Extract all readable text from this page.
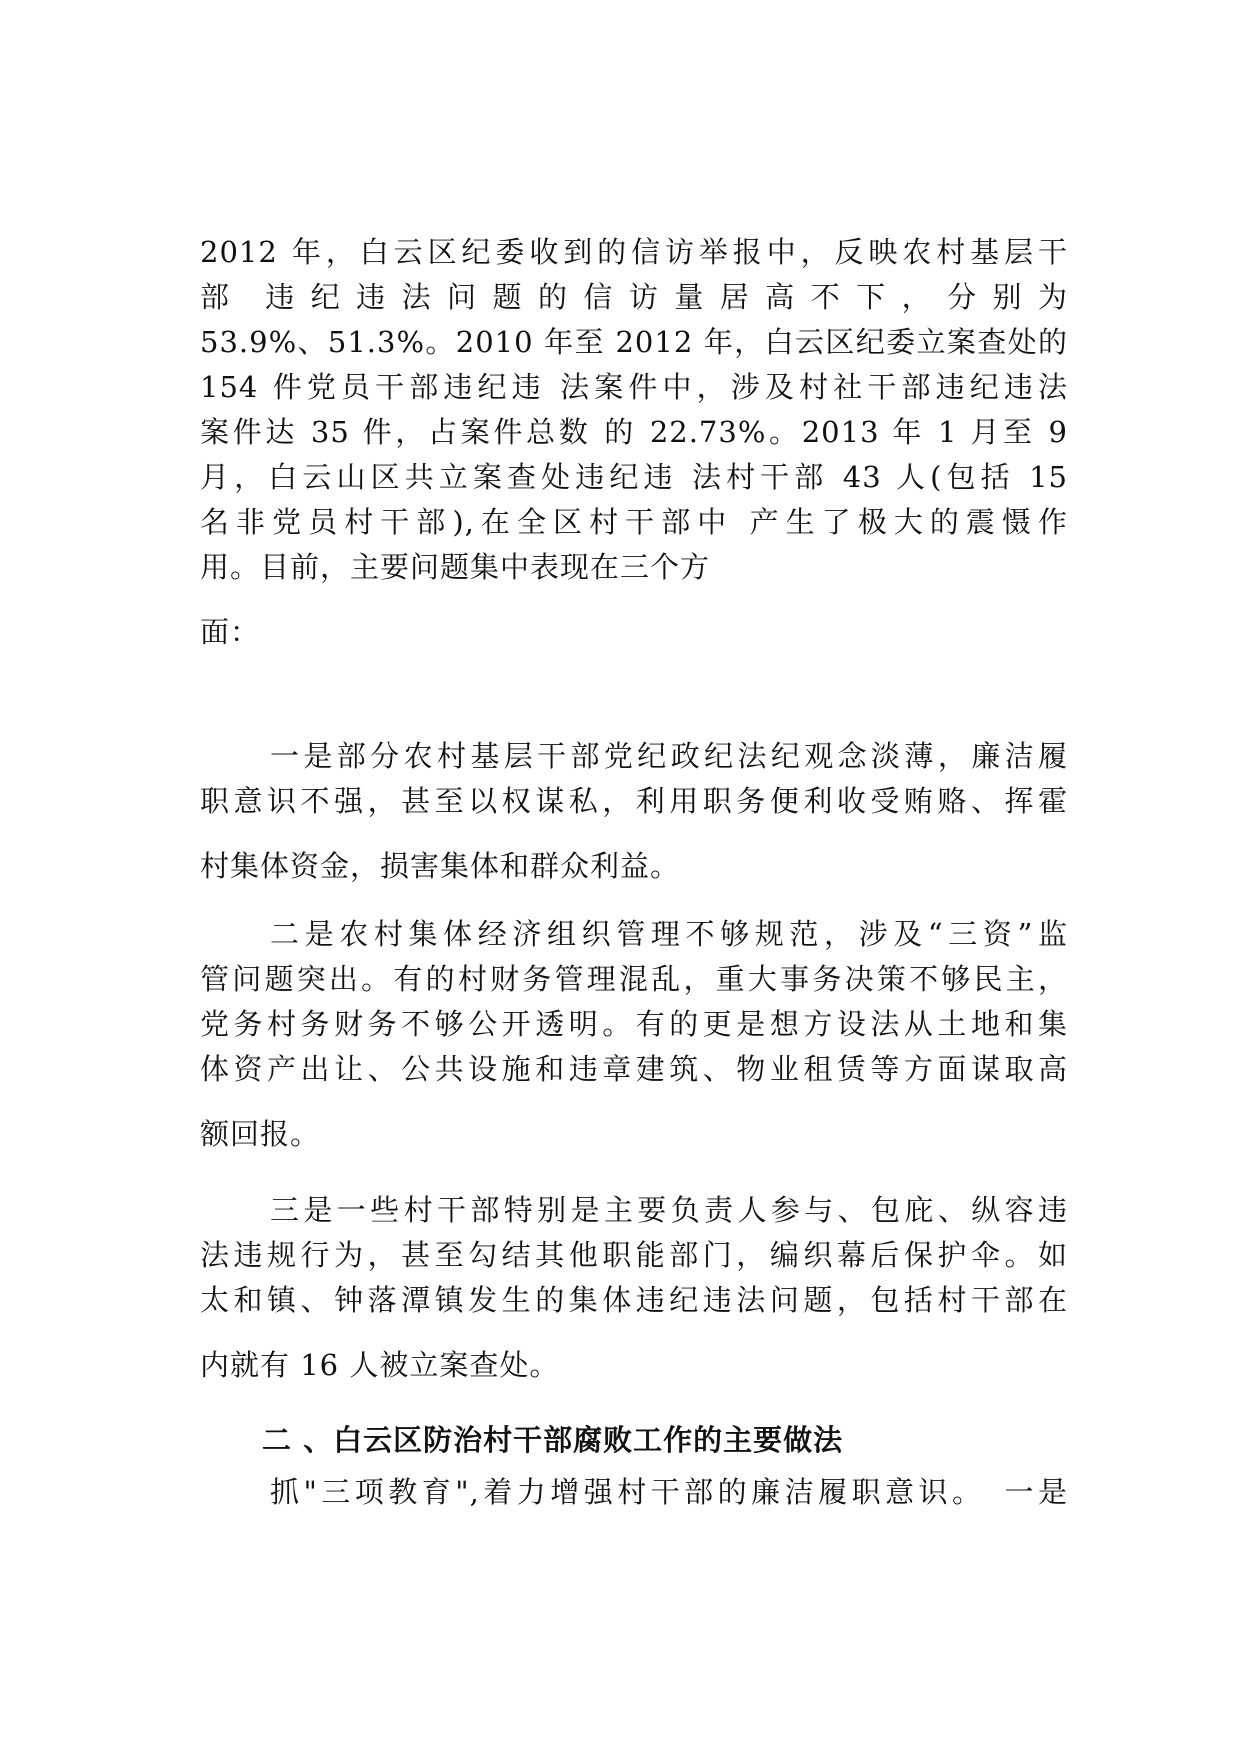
2012 年，白云区纪委收到的信访举报中，反映农村基层干
部　违 纪 违 法 问 题 的 信 访 量 居 高 不 下 ， 分 别 为
53.9%、51.3%。2010 年至 2012 年，白云区纪委立案查处的
154 件党员干部违纪违 法案件中，涉及村社干部违纪违法
案件达 35 件，占案件总数 的 22.73%。2013 年 1 月至 9
月，白云山区共立案查处违纪违 法村干部 43 人(包括 15
名非党员村干部),在全区村干部中 产生了极大的震慑作
用。目前，主要问题集中表现在三个方
面：
一是部分农村基层干部党纪政纪法纪观念淡薄，廉洁履
职意识不强，甚至以权谋私，利用职务便利收受贿赂、挥霍
村集体资金，损害集体和群众利益。
二是农村集体经济组织管理不够规范，涉及“三资”监
管问题突出。有的村财务管理混乱，重大事务决策不够民主，
党务村务财务不够公开透明。有的更是想方设法从土地和集
体资产出让、公共设施和违章建筑、物业租赁等方面谋取高
额回报。
三是一些村干部特别是主要负责人参与、包庇、纵容违
法违规行为，甚至勾结其他职能部门，编织幕后保护伞。如
太和镇、钟落潭镇发生的集体违纪违法问题，包括村干部在
内就有 16 人被立案查处。
二 、白云区防治村干部腐败工作的主要做法
抓"三项教育",着力增强村干部的廉洁履职意识。　一是
